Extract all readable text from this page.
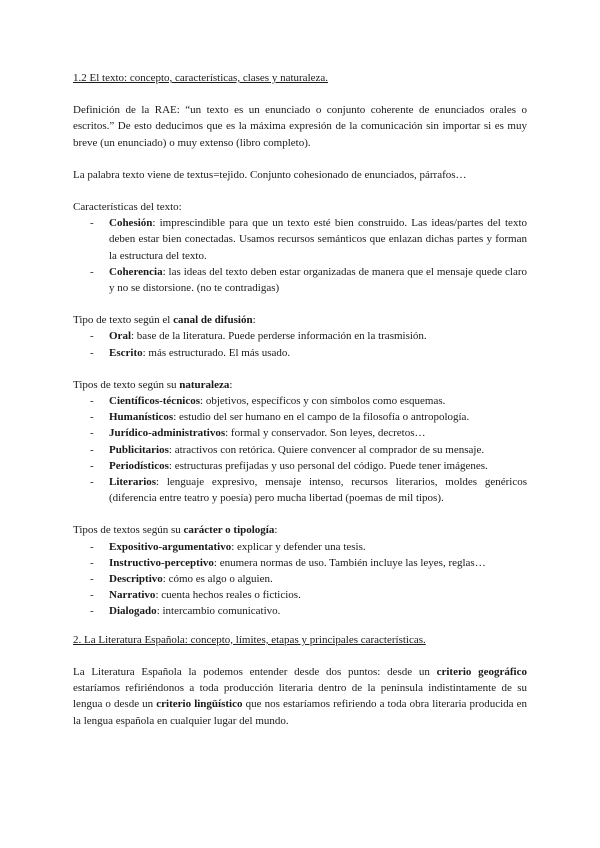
1.2 El texto: concepto, características, clases y naturaleza.

Definición de la RAE: “un texto es un enunciado o conjunto coherente de enunciados orales o escritos.” De esto deducimos que es la máxima expresión de la comunicación sin importar si es muy breve (un enunciado) o muy extenso (libro completo).

La palabra texto viene de textus=tejido. Conjunto cohesionado de enunciados, párrafos…

Características del texto:
- Cohesión: imprescindible para que un texto esté bien construido. Las ideas/partes del texto deben estar bien conectadas. Usamos recursos semánticos que enlazan dichas partes y forman la estructura del texto.
- Coherencia: las ideas del texto deben estar organizadas de manera que el mensaje quede claro y no se distorsione. (no te contradigas)
Tipo de texto según el canal de difusión:
- Oral: base de la literatura. Puede perderse información en la trasmisión.
- Escrito: más estructurado. El más usado.
Tipos de texto según su naturaleza:
- Científicos-técnicos: objetivos, específicos y con símbolos como esquemas.
- Humanísticos: estudio del ser humano en el campo de la filosofía o antropología.
- Jurídico-administrativos: formal y conservador. Son leyes, decretos…
- Publicitarios: atractivos con retórica. Quiere convencer al comprador de su mensaje.
- Periodísticos: estructuras prefijadas y uso personal del código. Puede tener imágenes.
- Literarios: lenguaje expresivo, mensaje intenso, recursos literarios, moldes genéricos (diferencia entre teatro y poesía) pero mucha libertad (poemas de mil tipos).
Tipos de textos según su carácter o tipología:
- Expositivo-argumentativo: explicar y defender una tesis.
- Instructivo-perceptivo: enumera normas de uso. También incluye las leyes, reglas…
- Descriptivo: cómo es algo o alguien.
- Narrativo: cuenta hechos reales o ficticios.
- Dialogado: intercambio comunicativo.
2. La Literatura Española: concepto, límites, etapas y principales características.

La Literatura Española la podemos entender desde dos puntos: desde un criterio geográfico estaríamos refiriéndonos a toda producción literaria dentro de la península indistintamente de su lengua o desde un criterio lingüístico que nos estaríamos refiriendo a toda obra literaria producida en la lengua española en cualquier lugar del mundo.
